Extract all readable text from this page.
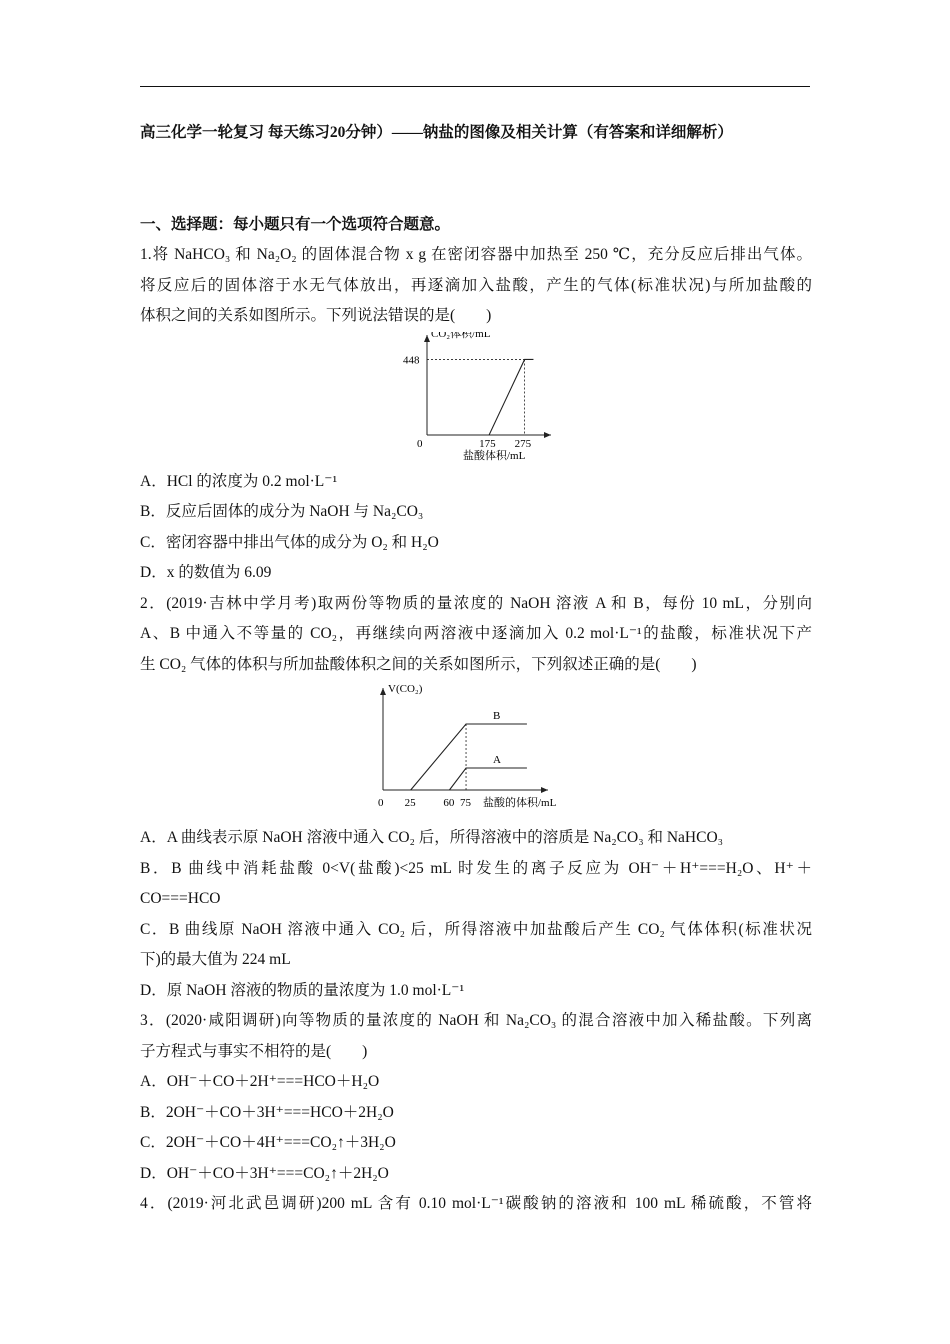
高三化学一轮复习 每天练习20分钟）——钠盐的图像及相关计算（有答案和详细解析）
一、选择题：每小题只有一个选项符合题意。

1.将 NaHCO₃ 和 Na₂O₂ 的固体混合物 x g 在密闭容器中加热至 250 ℃，充分反应后排出气体。

将反应后的固体溶于水无气体放出，再逐滴加入盐酸，产生的气体(标准状况)与所加盐酸的

体积之间的关系如图所示。下列说法错误的是(　　)

CO₂体积/mL
盐酸体积/mL
0	175 275
448
A．HCl 的浓度为 0.2 mol·L⁻¹
B．反应后固体的成分为 NaOH 与 Na₂CO₃
C．密闭容器中排出气体的成分为 O₂ 和 H₂O
D．x 的数值为 6.09

2．(2019·吉林中学月考)取两份等物质的量浓度的 NaOH 溶液 A 和 B，每份 10 mL，分别向

A、B 中通入不等量的 CO₂，再继续向两溶液中逐滴加入 0.2 mol·L⁻¹的盐酸，标准状况下产

生 CO₂ 气体的体积与所加盐酸体积之间的关系如图所示，下列叙述正确的是(　　)

V(CO₂)
盐酸的体积/mL
0 25	60 75
B
A
A．A 曲线表示原 NaOH 溶液中通入 CO₂ 后，所得溶液中的溶质是 Na₂CO₃ 和 NaHCO₃

B．B 曲线中消耗盐酸 0<V(盐酸)<25 mL 时发生的离子反应为 OH⁻＋H⁺===H₂O、H⁺＋

CO===HCO

C．B 曲线原 NaOH 溶液中通入 CO₂ 后，所得溶液中加盐酸后产生 CO₂ 气体体积(标准状况

下)的最大值为 224 mL
D．原 NaOH 溶液的物质的量浓度为 1.0 mol·L⁻¹

3．(2020·咸阳调研)向等物质的量浓度的 NaOH 和 Na₂CO₃ 的混合溶液中加入稀盐酸。下列离

子方程式与事实不相符的是(　　)

A．OH⁻＋CO＋2H⁺===HCO＋H₂O
B．2OH⁻＋CO＋3H⁺===HCO＋2H₂O
C．2OH⁻＋CO＋4H⁺===CO₂↑＋3H₂O
D．OH⁻＋CO＋3H⁺===CO₂↑＋2H₂O

4．(2019·河北武邑调研)200 mL 含有 0.10 mol·L⁻¹碳酸钠的溶液和 100 mL 稀硫酸，不管将
